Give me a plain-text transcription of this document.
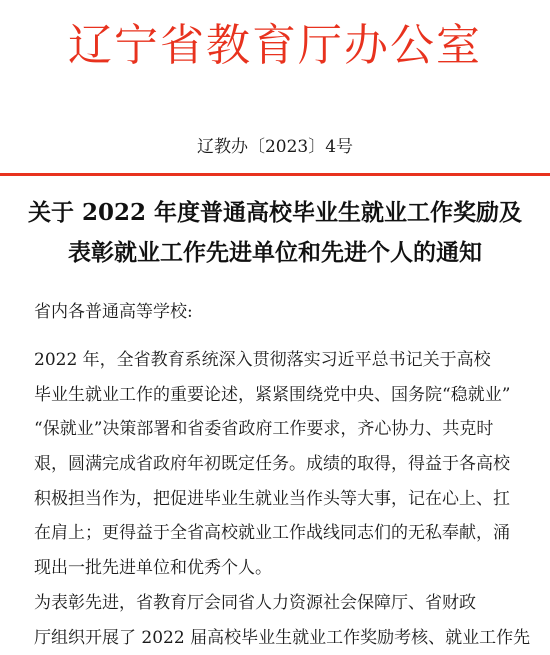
辽宁省教育厅办公室
辽教办〔2023〕4号
关于 2022 年度普通高校毕业生就业工作奖励及
表彰就业工作先进单位和先进个人的通知
省内各普通高等学校:
2022 年，全省教育系统深入贯彻落实习近平总书记关于高校
毕业生就业工作的重要论述，紧紧围绕党中央、国务院“稳就业”
“保就业”决策部署和省委省政府工作要求，齐心协力、共克时
艰，圆满完成省政府年初既定任务。成绩的取得，得益于各高校
积极担当作为，把促进毕业生就业当作头等大事，记在心上、扛
在肩上；更得益于全省高校就业工作战线同志们的无私奉献，涌
现出一批先进单位和优秀个人。
为表彰先进，省教育厅会同省人力资源社会保障厅、省财政
厅组织开展了 2022 届高校毕业生就业工作奖励考核、就业工作先
